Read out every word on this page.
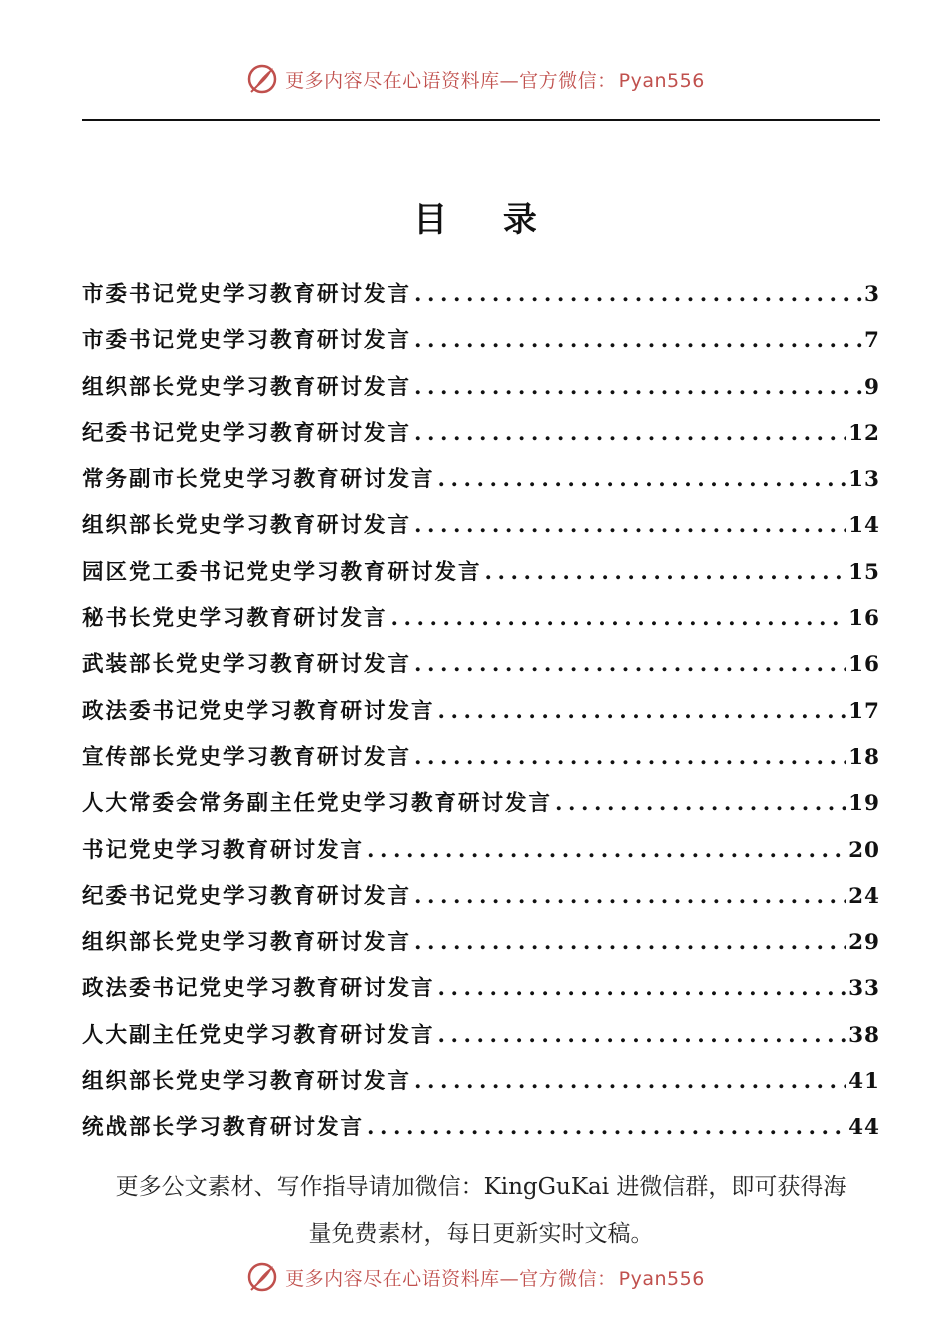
更多内容尽在心语资料库—官方微信： Pyan556
目 录
市委书记党史学习教育研讨发言 .....	3
市委书记党史学习教育研讨发言 .....	7
组织部长党史学习教育研讨发言 .....	9
纪委书记党史学习教育研讨发言 .....	12
常务副市长党史学习教育研讨发言 .....	13
组织部长党史学习教育研讨发言 .....	14
园区党工委书记党史学习教育研讨发言 .....	15
秘书长党史学习教育研讨发言 .....	16
武装部长党史学习教育研讨发言 .....	16
政法委书记党史学习教育研讨发言 .....	17
宣传部长党史学习教育研讨发言 .....	18
人大常委会常务副主任党史学习教育研讨发言 .....	19
书记党史学习教育研讨发言 .....	20
纪委书记党史学习教育研讨发言 .....	24
组织部长党史学习教育研讨发言 .....	29
政法委书记党史学习教育研讨发言 .....	33
人大副主任党史学习教育研讨发言 .....	38
组织部长党史学习教育研讨发言 .....	41
统战部长学习教育研讨发言 .....	44
更多公文素材、写作指导请加微信：KingGuKai 进微信群，即可获得海
量免费素材，每日更新实时文稿。
更多内容尽在心语资料库—官方微信： Pyan556
